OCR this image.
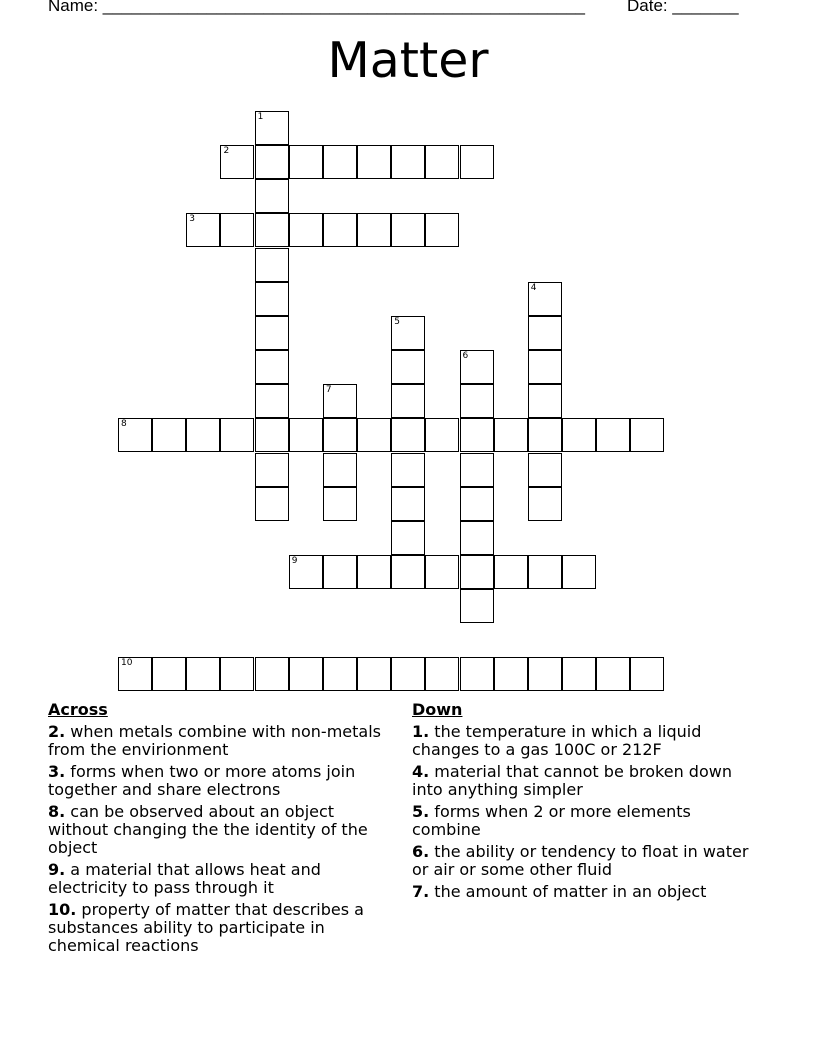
Name: ___________________________________________________ Date: _______
Matter
1
2
3
4
5
6
7
8
9
10
Across
2. when metals combine with non-metals from the envirionment
3. forms when two or more atoms join together and share electrons
8. can be observed about an object without changing the the identity of the object
9. a material that allows heat and electricity to pass through it
10. property of matter that describes a substances ability to participate in chemical reactions
Down
1. the temperature in which a liquid changes to a gas 100C or 212F
4. material that cannot be broken down into anything simpler
5. forms when 2 or more elements combine
6. the ability or tendency to float in water or air or some other fluid
7. the amount of matter in an object
